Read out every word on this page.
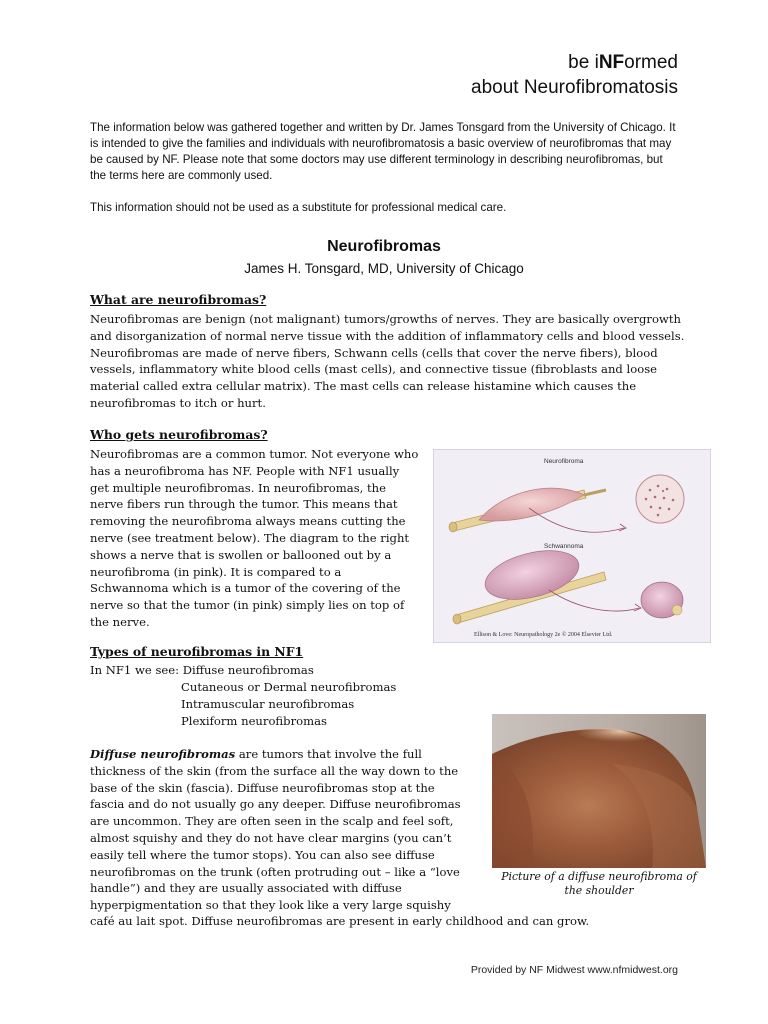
be iNFormed
about Neurofibromatosis

The information below was gathered together and written by Dr. James Tonsgard from the University of Chicago. It is intended to give the families and individuals with neurofibromatosis a basic overview of neurofibromas that may be caused by NF. Please note that some doctors may use different terminology in describing neurofibromas, but the terms here are commonly used.

This information should not be used as a substitute for professional medical care.

Neurofibromas
James H. Tonsgard, MD, University of Chicago
What are neurofibromas?

Neurofibromas are benign (not malignant) tumors/growths of nerves. They are basically overgrowth and disorganization of normal nerve tissue with the addition of inflammatory cells and blood vessels. Neurofibromas are made of nerve fibers, Schwann cells (cells that cover the nerve fibers), blood vessels, inflammatory white blood cells (mast cells), and connective tissue (fibroblasts and loose material called extra cellular matrix). The mast cells can release histamine which causes the neurofibromas to itch or hurt.

Who gets neurofibromas?

Neurofibromas are a common tumor. Not everyone who has a neurofibroma has NF. People with NF1 usually get multiple neurofibromas. In neurofibromas, the nerve fibers run through the tumor. This means that removing the neurofibroma always means cutting the nerve (see treatment below). The diagram to the right shows a nerve that is swollen or ballooned out by a neurofibroma (in pink). It is compared to a Schwannoma which is a tumor of the covering of the nerve so that the tumor (in pink) simply lies on top of the nerve.

Neurofibroma
Schwannoma
Ellison & Love: Neuropathology 2e © 2004 Elsevier Ltd.
Types of neurofibromas in NF1

In NF1 we see: Diffuse neurofibromas

Cutaneous or Dermal neurofibromas
Intramuscular neurofibromas
Plexiform neurofibromas

Diffuse neurofibromas are tumors that involve the full thickness of the skin (from the surface all the way down to the base of the skin (fascia). Diffuse neurofibromas stop at the fascia and do not usually go any deeper. Diffuse neurofibromas are uncommon. They are often seen in the scalp and feel soft, almost squishy and they do not have clear margins (you can’t easily tell where the tumor stops). You can also see diffuse neurofibromas on the trunk (often protruding out – like a “love handle”) and they are usually associated with diffuse hyperpigmentation so that they look like a very large squishy

café au lait spot. Diffuse neurofibromas are present in early childhood and can grow.

Picture of a diffuse neurofibroma of the shoulder
Provided by NF Midwest www.nfmidwest.org
